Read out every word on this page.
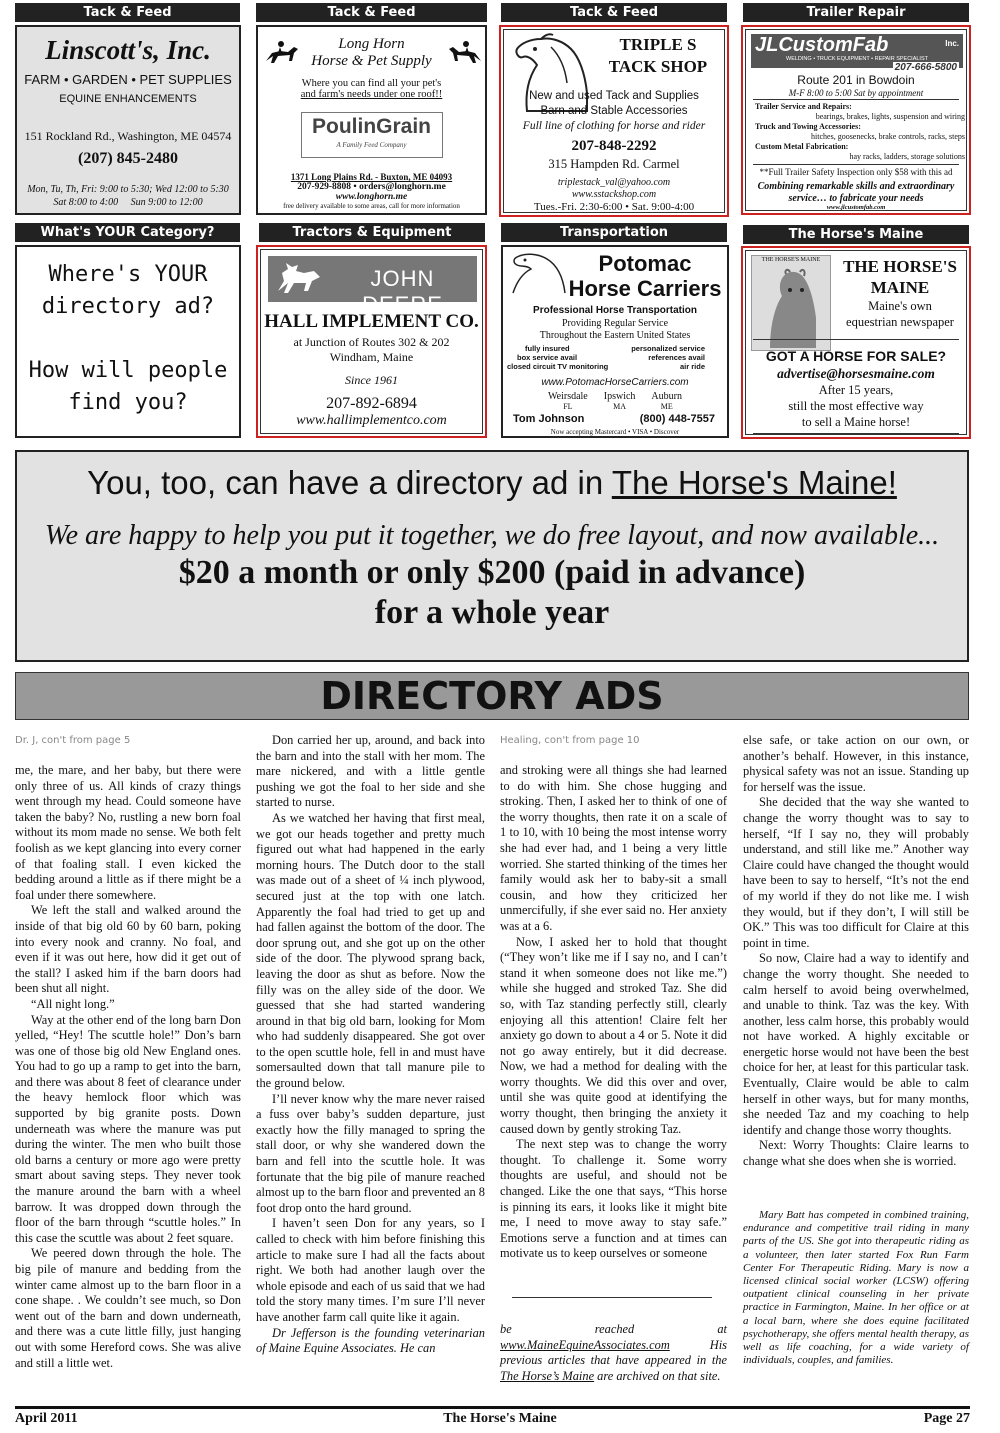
Tack & Feed	Tack & Feed	Tack & Feed	Trailer Repair
Linscott's, Inc.
FARM • GARDEN • PET SUPPLIES
EQUINE ENHANCEMENTS
151 Rockland Rd., Washington, ME 04574
(207) 845-2480
Mon, Tu, Th, Fri: 9:00 to 5:30; Wed 12:00 to 5:30
Sat 8:00 to 4:00     Sun 9:00 to 12:00
Long Horn
Horse & Pet Supply
Where you can find all your pet's
and farm's needs under one roof!!
PoulinGrain
A Family Feed Company
1371 Long Plains Rd. - Buxton, ME 04093
207-929-8808 • orders@longhorn.me
www.longhorn.me
free delivery available to some areas, call for more information
TRIPLE S
TACK SHOP
New and used Tack and Supplies
Barn and Stable Accessories
Full line of clothing for horse and rider
207-848-2292
315 Hampden Rd. Carmel
triplestack_val@yahoo.com
www.sstackshop.com
Tues.-Fri. 2:30-6:00 • Sat. 9:00-4:00
JLCustomFab	Inc.
WELDING • TRUCK EQUIPMENT • REPAIR SPECIALIST
207-666-5800
Route 201 in Bowdoin
M-F 8:00 to 5:00 Sat by appointment
Trailer Service and Repairs:
bearings, brakes, lights, suspension and wiring
Truck and Towing Accessories:
hitches, goosenecks, brake controls, racks, steps
Custom Metal Fabrication:
hay racks, ladders, storage solutions
**Full Trailer Safety Inspection only $58 with this ad
Combining remarkable skills and extraordinary
service… to fabricate your needs
www.jlcustomfab.com
What's YOUR Category?	Tractors & Equipment	Transportation	The Horse's Maine
Where's YOUR
directory ad?
How will people
find you?
JOHN DEERE
HALL IMPLEMENT CO.
at Junction of Routes 302 & 202
Windham, Maine
Since 1961
207-892-6894
www.hallimplementco.com
Potomac
Horse Carriers
Professional Horse Transportation
Providing Regular Service
Throughout the Eastern United States
fully insured	personalized service
box service avail	references avail
closed circuit TV monitoring	air ride
www.PotomacHorseCarriers.com
Weirsdale
FL
Ipswich
MA
Auburn
ME
Tom Johnson	(800) 448-7557
Now accepting Mastercard • VISA • Discover
THE HORSE'S MAINE	THE HORSE'S
MAINE
Maine's own
equestrian newspaper
GOT A HORSE FOR SALE?
advertise@horsesmaine.com
After 15 years,
still the most effective way
to sell a Maine horse!
You, too, can have a directory ad in The Horse's Maine!
We are happy to help you put it together, we do free layout, and now available...
$20 a month or only $200 (paid in advance)
for a whole year
DIRECTORY ADS
Dr. J, con't from page 5

me, the mare, and her baby, but there were only three of us. All kinds of crazy things went through my head. Could someone have taken the baby? No, rustling a new born foal without its mom made no sense. We both felt foolish as we kept glancing into every corner of that foaling stall. I even kicked the bedding around a little as if there might be a foal under there somewhere.

We left the stall and walked around the inside of that big old 60 by 60 barn, poking into every nook and cranny. No foal, and even if it was out here, how did it get out of the stall? I asked him if the barn doors had been shut all night.

“All night long.”

Way at the other end of the long barn Don yelled, “Hey! The scuttle hole!” Don’s barn was one of those big old New England ones. You had to go up a ramp to get into the barn, and there was about 8 feet of clearance under the heavy hemlock floor which was supported by big granite posts. Down underneath was where the manure was put during the winter. The men who built those old barns a century or more ago were pretty smart about saving steps. They never took the manure around the barn with a wheel barrow. It was dropped down through the floor of the barn through “scuttle holes.” In this case the scuttle was about 2 feet square.

We peered down through the hole. The big pile of manure and bedding from the winter came almost up to the barn floor in a cone shape. . We couldn’t see much, so Don went out of the barn and down underneath, and there was a cute little filly, just hanging out with some Hereford cows. She was alive and still a little wet.

Don carried her up, around, and back into the barn and into the stall with her mom. The mare nickered, and with a little gentle pushing we got the foal to her side and she started to nurse.

As we watched her having that first meal, we got our heads together and pretty much figured out what had happened in the early morning hours. The Dutch door to the stall was made out of a sheet of ¼ inch plywood, secured just at the top with one latch. Apparently the foal had tried to get up and had fallen against the bottom of the door. The door sprung out, and she got up on the other side of the door. The plywood sprang back, leaving the door as shut as before. Now the filly was on the alley side of the door. We guessed that she had started wandering around in that big old barn, looking for Mom who had suddenly disappeared. She got over to the open scuttle hole, fell in and must have somersaulted down that tall manure pile to the ground below.

I’ll never know why the mare never raised a fuss over baby’s sudden departure, just exactly how the filly managed to spring the stall door, or why she wandered down the barn and fell into the scuttle hole. It was fortunate that the big pile of manure reached almost up to the barn floor and prevented an 8 foot drop onto the hard ground.

I haven’t seen Don for any years, so I called to check with him before finishing this article to make sure I had all the facts about right. We both had another laugh over the whole episode and each of us said that we had told the story many times. I’m sure I’ll never have another farm call quite like it again.

Dr Jefferson is the founding veterinarian of Maine Equine Associates. He can

Healing, con't from page 10

and stroking were all things she had learned to do with him. She chose hugging and stroking. Then, I asked her to think of one of the worry thoughts, then rate it on a scale of 1 to 10, with 10 being the most intense worry she had ever had, and 1 being a very little worried. She started thinking of the times her family would ask her to baby-sit a small cousin, and how they criticized her unmercifully, if she ever said no. Her anxiety was at a 6.

Now, I asked her to hold that thought (“They won’t like me if I say no, and I can’t stand it when someone does not like me.”) while she hugged and stroked Taz. She did so, with Taz standing perfectly still, clearly enjoying all this attention! Claire felt her anxiety go down to about a 4 or 5. Note it did not go away entirely, but it did decrease. Now, we had a method for dealing with the worry thoughts. We did this over and over, until she was quite good at identifying the worry thought, then bringing the anxiety it caused down by gently stroking Taz.

The next step was to change the worry thought. To challenge it. Some worry thoughts are useful, and should not be changed. Like the one that says, “This horse is pinning its ears, it looks like it might bite me, I need to move away to stay safe.” Emotions serve a function and at times can motivate us to keep ourselves or someone

be reached at www.MaineEquineAssociates.com His previous articles that have appeared in the The Horse’s Maine are archived on that site.

else safe, or take action on our own, or another’s behalf. However, in this instance, physical safety was not an issue. Standing up for herself was the issue.

She decided that the way she wanted to change the worry thought was to say to herself, “If I say no, they will probably understand, and still like me.” Another way Claire could have changed the thought would have been to say to herself, “It’s not the end of my world if they do not like me. I wish they would, but if they don’t, I will still be OK.” This was too difficult for Claire at this point in time.

So now, Claire had a way to identify and change the worry thought. She needed to calm herself to avoid being overwhelmed, and unable to think. Taz was the key. With another, less calm horse, this probably would not have worked. A highly excitable or energetic horse would not have been the best choice for her, at least for this particular task. Eventually, Claire would be able to calm herself in other ways, but for many months, she needed Taz and my coaching to help identify and change those worry thoughts.

Next: Worry Thoughts: Claire learns to change what she does when she is worried.

Mary Batt has competed in combined training, endurance and competitive trail riding in many parts of the US. She got into therapeutic riding as a volunteer, then later started Fox Run Farm Center For Therapeutic Riding. Mary is now a licensed clinical social worker (LCSW) offering outpatient clinical counseling in her private practice in Farmington, Maine. In her office or at a local barn, where she does equine facilitated psychotherapy, she offers mental health therapy, as well as life coaching, for a wide variety of individuals, couples, and families.

April 2011	The Horse's Maine	Page 27
